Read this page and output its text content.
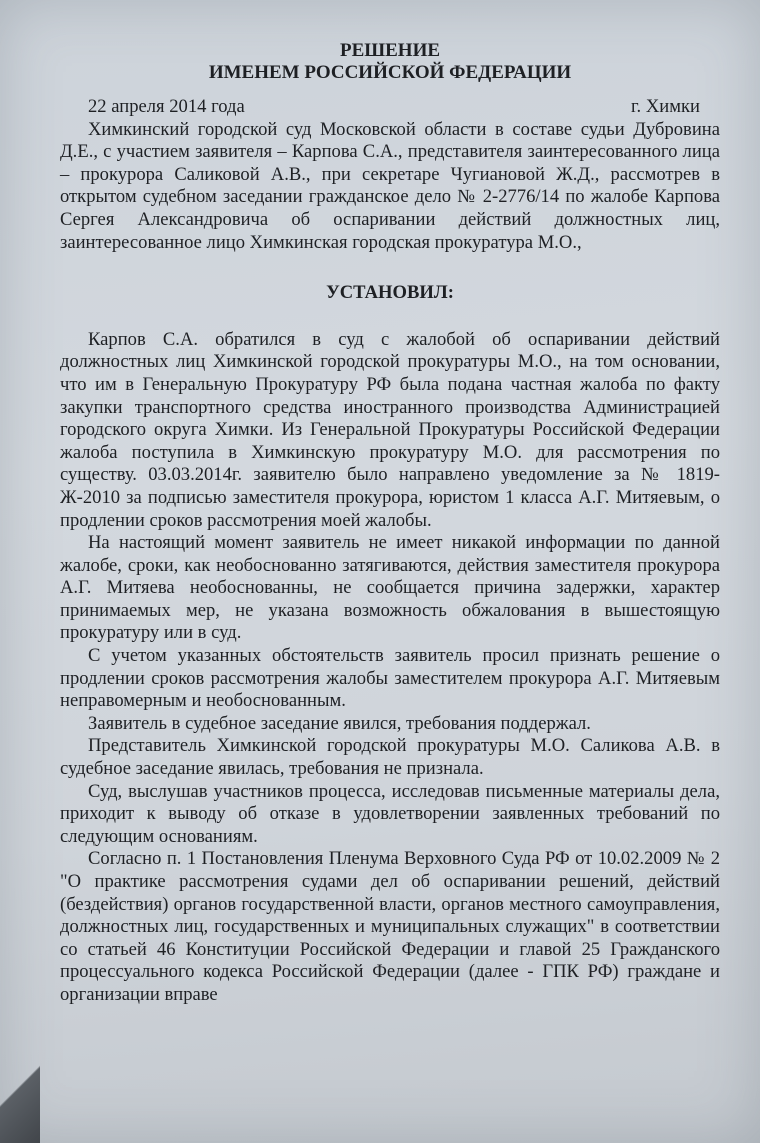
РЕШЕНИЕ

ИМЕНЕМ РОССИЙСКОЙ ФЕДЕРАЦИИ

22 апреля 2014 года	г. Химки

Химкинский городской суд Московской области в составе судьи Дубровина Д.Е., с участием заявителя – Карпова С.А., представителя заинтересованного лица – прокурора Саликовой А.В., при секретаре Чугиановой Ж.Д., рассмотрев в открытом судебном заседании гражданское дело № 2-2776/14 по жалобе Карпова Сергея Александровича об оспаривании действий должностных лиц, заинтересованное лицо Химкинская городская прокуратура М.О.,

УСТАНОВИЛ:

Карпов С.А. обратился в суд с жалобой об оспаривании действий должностных лиц Химкинской городской прокуратуры М.О., на том основании, что им в Генеральную Прокуратуру РФ была подана частная жалоба по факту закупки транспортного средства иностранного производства Администрацией городского округа Химки. Из Генеральной Прокуратуры Российской Федерации жалоба поступила в Химкинскую прокуратуру М.О. для рассмотрения по существу. 03.03.2014г. заявителю было направлено уведомление за № 1819-Ж-2010 за подписью заместителя прокурора, юристом 1 класса А.Г. Митяевым, о продлении сроков рассмотрения моей жалобы.

На настоящий момент заявитель не имеет никакой информации по данной жалобе, сроки, как необоснованно затягиваются, действия заместителя прокурора А.Г. Митяева необоснованны, не сообщается причина задержки, характер принимаемых мер, не указана возможность обжалования в вышестоящую прокуратуру или в суд.

С учетом указанных обстоятельств заявитель просил признать решение о продлении сроков рассмотрения жалобы заместителем прокурора А.Г. Митяевым неправомерным и необоснованным.

Заявитель в судебное заседание явился, требования поддержал.

Представитель Химкинской городской прокуратуры М.О. Саликова А.В. в судебное заседание явилась, требования не признала.

Суд, выслушав участников процесса, исследовав письменные материалы дела, приходит к выводу об отказе в удовлетворении заявленных требований по следующим основаниям.

Согласно п. 1 Постановления Пленума Верховного Суда РФ от 10.02.2009 № 2 "О практике рассмотрения судами дел об оспаривании решений, действий (бездействия) органов государственной власти, органов местного самоуправления, должностных лиц, государственных и муниципальных служащих" в соответствии со статьей 46 Конституции Российской Федерации и главой 25 Гражданского процессуального кодекса Российской Федерации (далее - ГПК РФ) граждане и организации вправе
